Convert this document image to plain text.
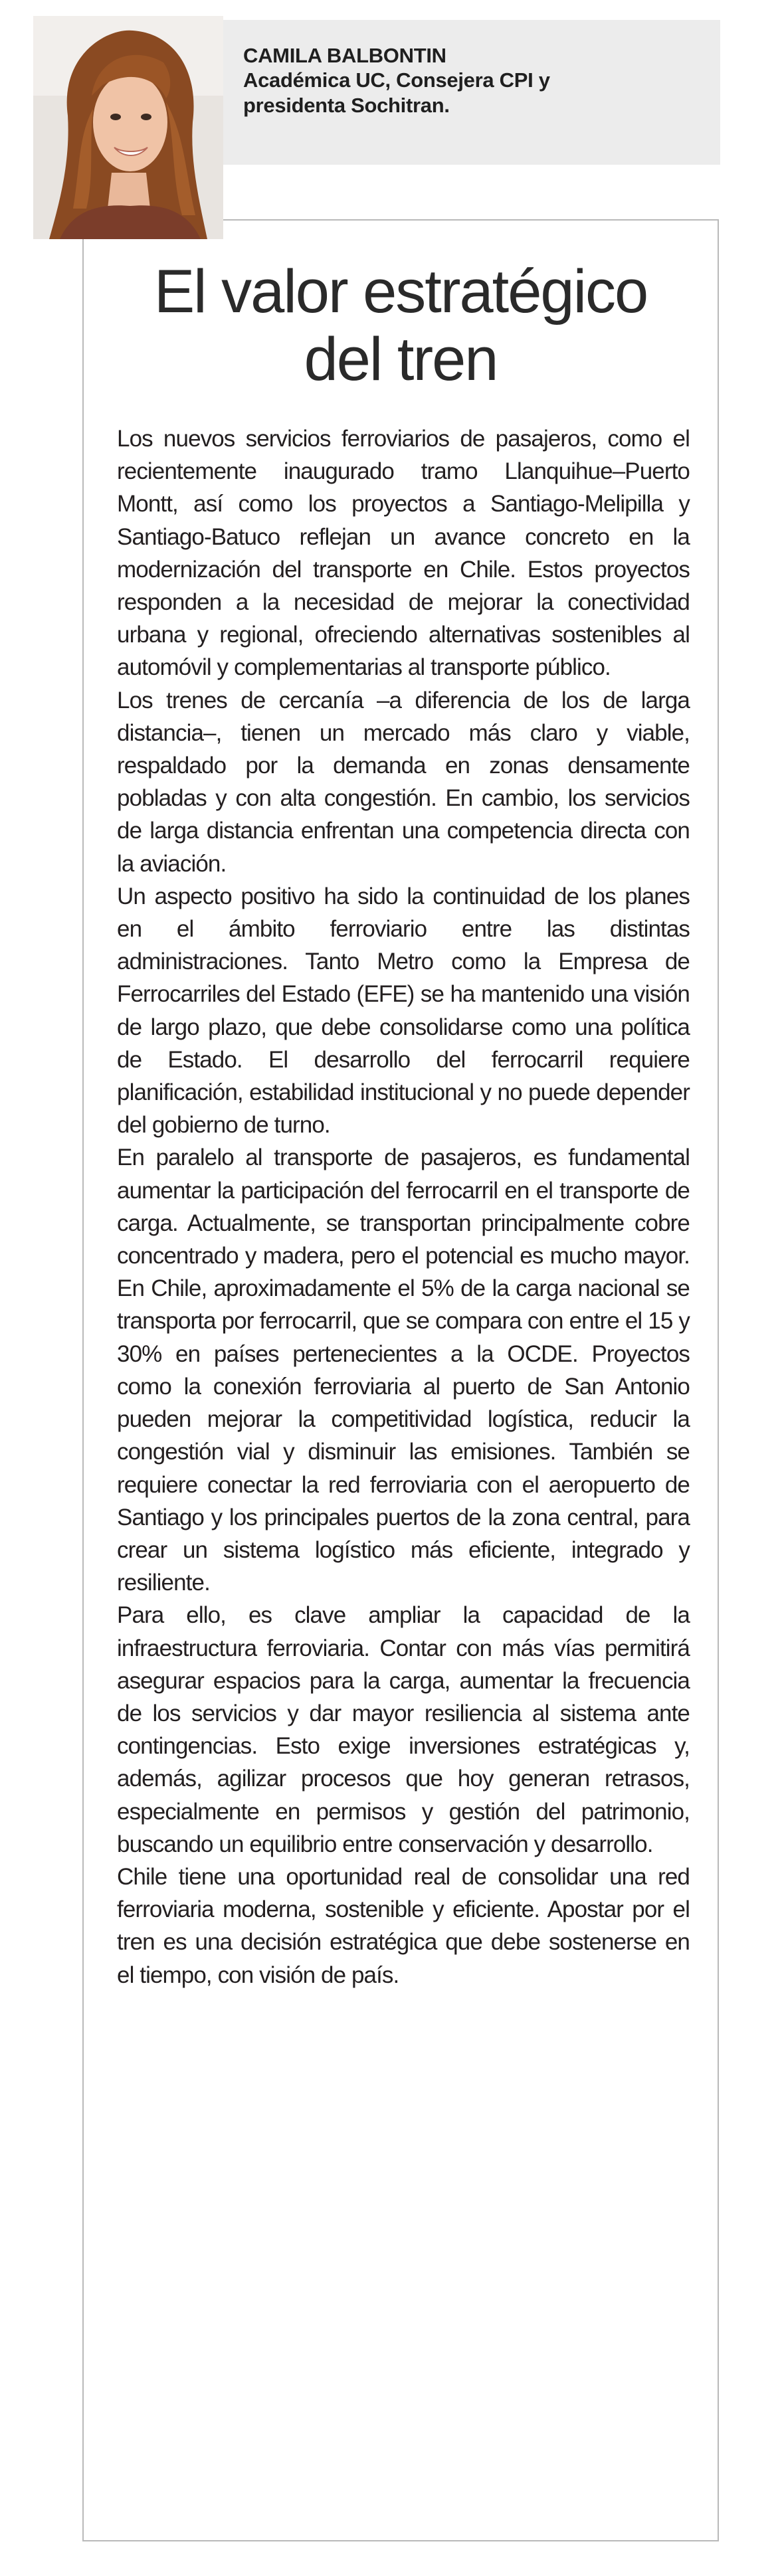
CAMILA BALBONTIN
Académica UC, Consejera CPI y presidenta Sochitran.
El valor estratégico
del tren

Los nuevos servicios ferroviarios de pasajeros, como el recientemente inaugurado tramo Llanquihue–Puerto Montt, así como los proyectos a Santiago-Melipilla y Santiago-Batuco reflejan un avance concreto en la modernización del transporte en Chile. Estos proyectos responden a la necesidad de mejorar la conectividad urbana y regional, ofreciendo alternativas sostenibles al automóvil y complementarias al transporte público.

Los trenes de cercanía –a diferencia de los de larga distancia–, tienen un mercado más claro y viable, respaldado por la demanda en zonas densamente pobladas y con alta congestión. En cambio, los servicios de larga distancia enfrentan una competencia directa con la aviación.

Un aspecto positivo ha sido la continuidad de los planes en el ámbito ferroviario entre las distintas administraciones. Tanto Metro como la Empresa de Ferrocarriles del Estado (EFE) se ha mantenido una visión de largo plazo, que debe consolidarse como una política de Estado. El desarrollo del ferrocarril requiere planificación, estabilidad institucional y no puede depender del gobierno de turno.

En paralelo al transporte de pasajeros, es fundamental aumentar la participación del ferrocarril en el transporte de carga. Actualmente, se transportan principalmente cobre concentrado y madera, pero el potencial es mucho mayor. En Chile, aproximadamente el 5% de la carga nacional se transporta por ferrocarril, que se compara con entre el 15 y 30% en países pertenecientes a la OCDE. Proyectos como la conexión ferroviaria al puerto de San Antonio pueden mejorar la competitividad logística, reducir la congestión vial y disminuir las emisiones. También se requiere conectar la red ferroviaria con el aeropuerto de Santiago y los principales puertos de la zona central, para crear un sistema logístico más eficiente, integrado y resiliente.

Para ello, es clave ampliar la capacidad de la infraestructura ferroviaria. Contar con más vías permitirá asegurar espacios para la carga, aumentar la frecuencia de los servicios y dar mayor resiliencia al sistema ante contingencias. Esto exige inversiones estratégicas y, además, agilizar procesos que hoy generan retrasos, especialmente en permisos y gestión del patrimonio, buscando un equilibrio entre conservación y desarrollo.

Chile tiene una oportunidad real de consolidar una red ferroviaria moderna, sostenible y eficiente. Apostar por el tren es una decisión estratégica que debe sostenerse en el tiempo, con visión de país.
